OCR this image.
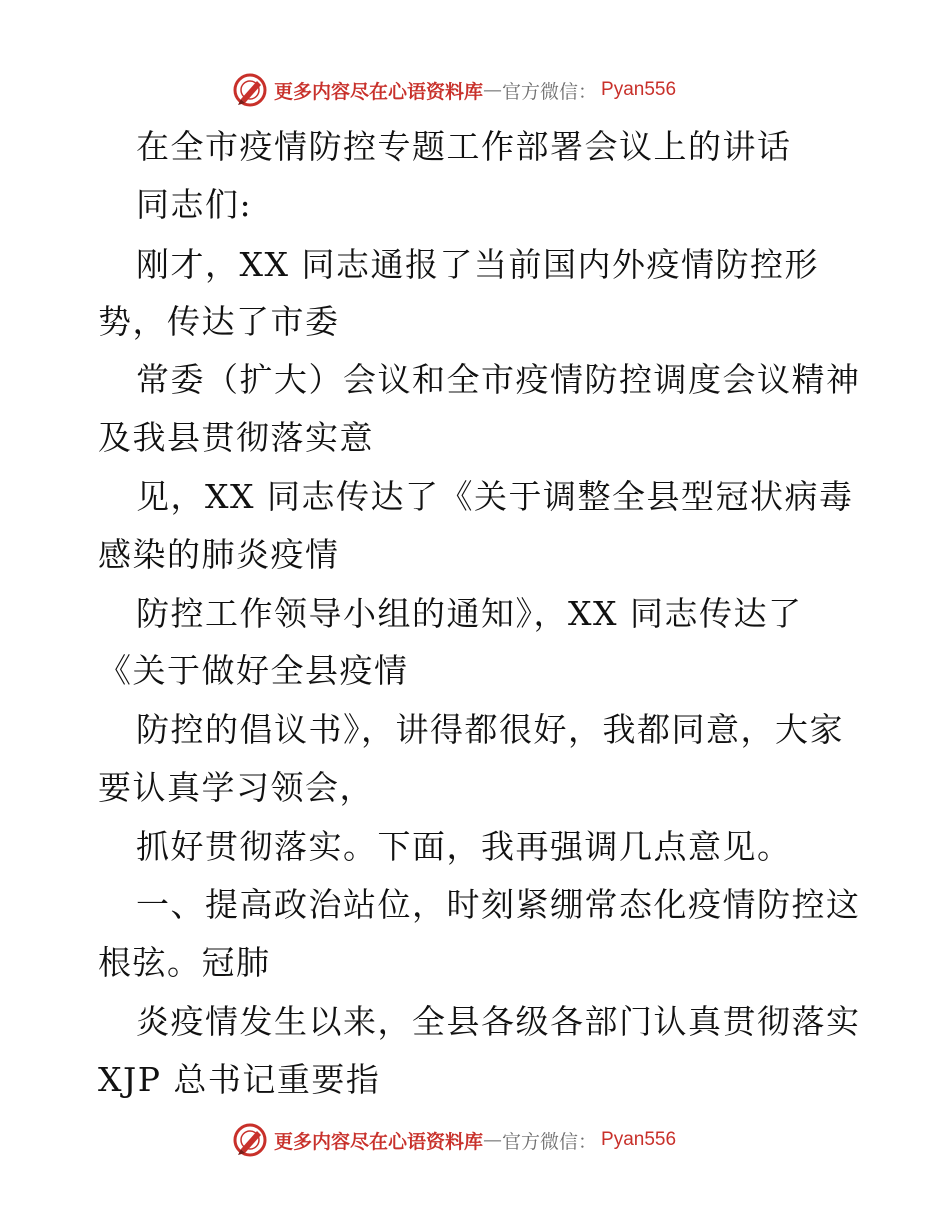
更多内容尽在心语资料库 — 官方微信： Pyan556
在全市疫情防控专题工作部署会议上的讲话
同志们:
刚才，XX 同志通报了当前国内外疫情防控形
势，传达了市委
常委（扩大）会议和全市疫情防控调度会议精神
及我县贯彻落实意
见，XX 同志传达了《关于调整全县型冠状病毒
感染的肺炎疫情
防控工作领导小组的通知》，XX 同志传达了
《关于做好全县疫情
防控的倡议书》，讲得都很好，我都同意，大家
要认真学习领会，
抓好贯彻落实。下面，我再强调几点意见。
一、提高政治站位，时刻紧绷常态化疫情防控这
根弦。冠肺
炎疫情发生以来，全县各级各部门认真贯彻落实
XJP 总书记重要指
更多内容尽在心语资料库 — 官方微信： Pyan556
